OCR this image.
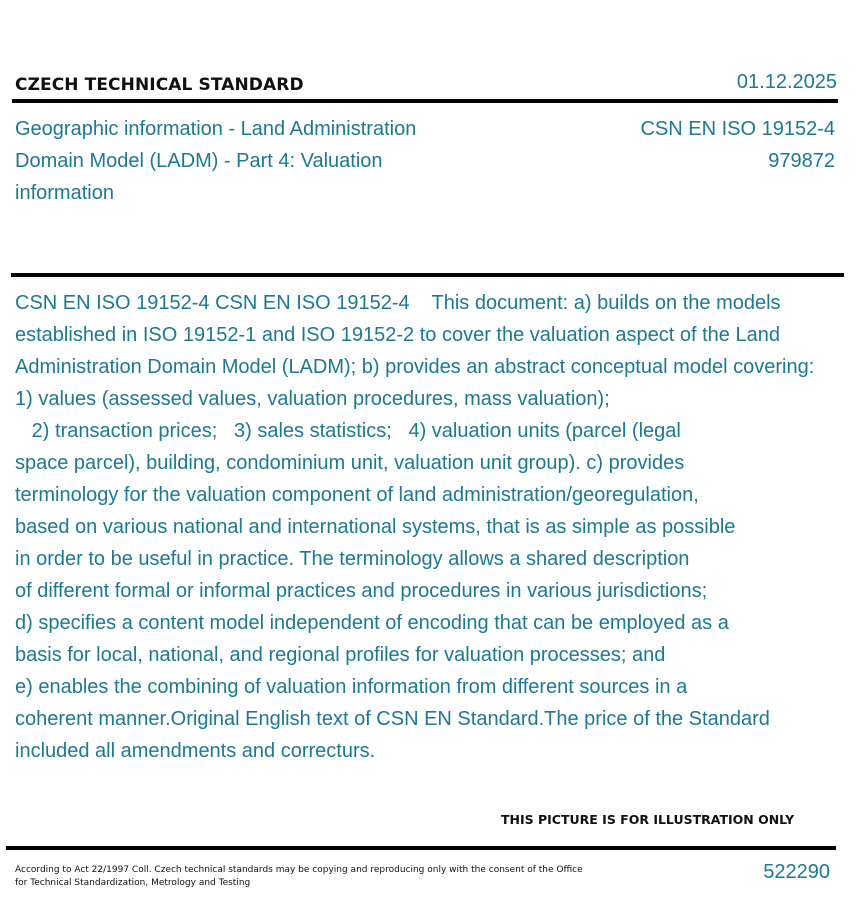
CZECH TECHNICAL STANDARD	01.12.2025
Geographic information - Land Administration Domain Model (LADM) - Part 4: Valuation information
CSN EN ISO 19152-4
979872
CSN EN ISO 19152-4 CSN EN ISO 19152-4    This document: a) builds on the models established in ISO 19152-1 and ISO 19152-2 to cover the valuation aspect of the Land Administration Domain Model (LADM); b) provides an abstract conceptual model covering:   1) values (assessed values, valuation procedures, mass valuation);
2) transaction prices;   3) sales statistics;   4) valuation units (parcel (legal
space parcel), building, condominium unit, valuation unit group). c) provides
terminology for the valuation component of land administration/georegulation,
based on various national and international systems, that is as simple as possible
in order to be useful in practice. The terminology allows a shared description
of different formal or informal practices and procedures in various jurisdictions;
d) specifies a content model independent of encoding that can be employed as a
basis for local, national, and regional profiles for valuation processes; and
e) enables the combining of valuation information from different sources in a
coherent manner.Original English text of CSN EN Standard.The price of the Standard included all amendments and correcturs.
THIS PICTURE IS FOR ILLUSTRATION ONLY
According to Act 22/1997 Coll. Czech technical standards may be copying and reproducing only with the consent of the Office for Technical Standardization, Metrology and Testing	522290
